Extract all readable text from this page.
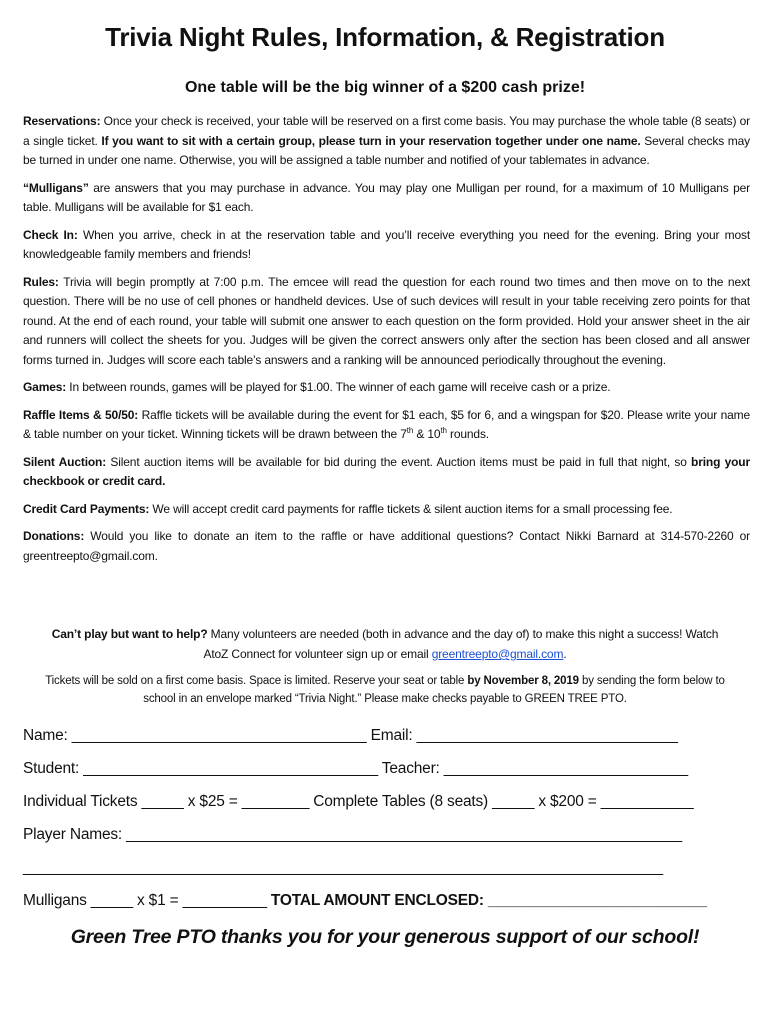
Trivia Night Rules, Information, & Registration
One table will be the big winner of a $200 cash prize!

Reservations: Once your check is received, your table will be reserved on a first come basis. You may purchase the whole table (8 seats) or a single ticket. If you want to sit with a certain group, please turn in your reservation together under one name. Several checks may be turned in under one name. Otherwise, you will be assigned a table number and notified of your tablemates in advance.

“Mulligans” are answers that you may purchase in advance. You may play one Mulligan per round, for a maximum of 10 Mulligans per table. Mulligans will be available for $1 each.

Check In: When you arrive, check in at the reservation table and you’ll receive everything you need for the evening. Bring your most knowledgeable family members and friends!

Rules: Trivia will begin promptly at 7:00 p.m. The emcee will read the question for each round two times and then move on to the next question. There will be no use of cell phones or handheld devices. Use of such devices will result in your table receiving zero points for that round. At the end of each round, your table will submit one answer to each question on the form provided. Hold your answer sheet in the air and runners will collect the sheets for you. Judges will be given the correct answers only after the section has been closed and all answer forms turned in. Judges will score each table’s answers and a ranking will be announced periodically throughout the evening.

Games: In between rounds, games will be played for $1.00. The winner of each game will receive cash or a prize.

Raffle Items & 50/50: Raffle tickets will be available during the event for $1 each, $5 for 6, and a wingspan for $20. Please write your name & table number on your ticket. Winning tickets will be drawn between the 7th & 10th rounds.

Silent Auction: Silent auction items will be available for bid during the event. Auction items must be paid in full that night, so bring your checkbook or credit card.

Credit Card Payments: We will accept credit card payments for raffle tickets & silent auction items for a small processing fee.

Donations: Would you like to donate an item to the raffle or have additional questions? Contact Nikki Barnard at 314-570-2260 or greentreepto@gmail.com.

Can’t play but want to help? Many volunteers are needed (both in advance and the day of) to make this night a success! Watch AtoZ Connect for volunteer sign up or email greentreepto@gmail.com.

Tickets will be sold on a first come basis. Space is limited. Reserve your seat or table by November 8, 2019 by sending the form below to school in an envelope marked “Trivia Night.” Please make checks payable to GREEN TREE PTO.

Name: ___________________________________ Email: _______________________________
Student: ___________________________________ Teacher: _____________________________
Individual Tickets _____ x $25 = ________ Complete Tables (8 seats) _____ x $200 = ___________
Player Names: __________________________________________________________________
____________________________________________________________________________
Mulligans _____ x $1 = __________ TOTAL AMOUNT ENCLOSED: __________________________

Green Tree PTO thanks you for your generous support of our school!
